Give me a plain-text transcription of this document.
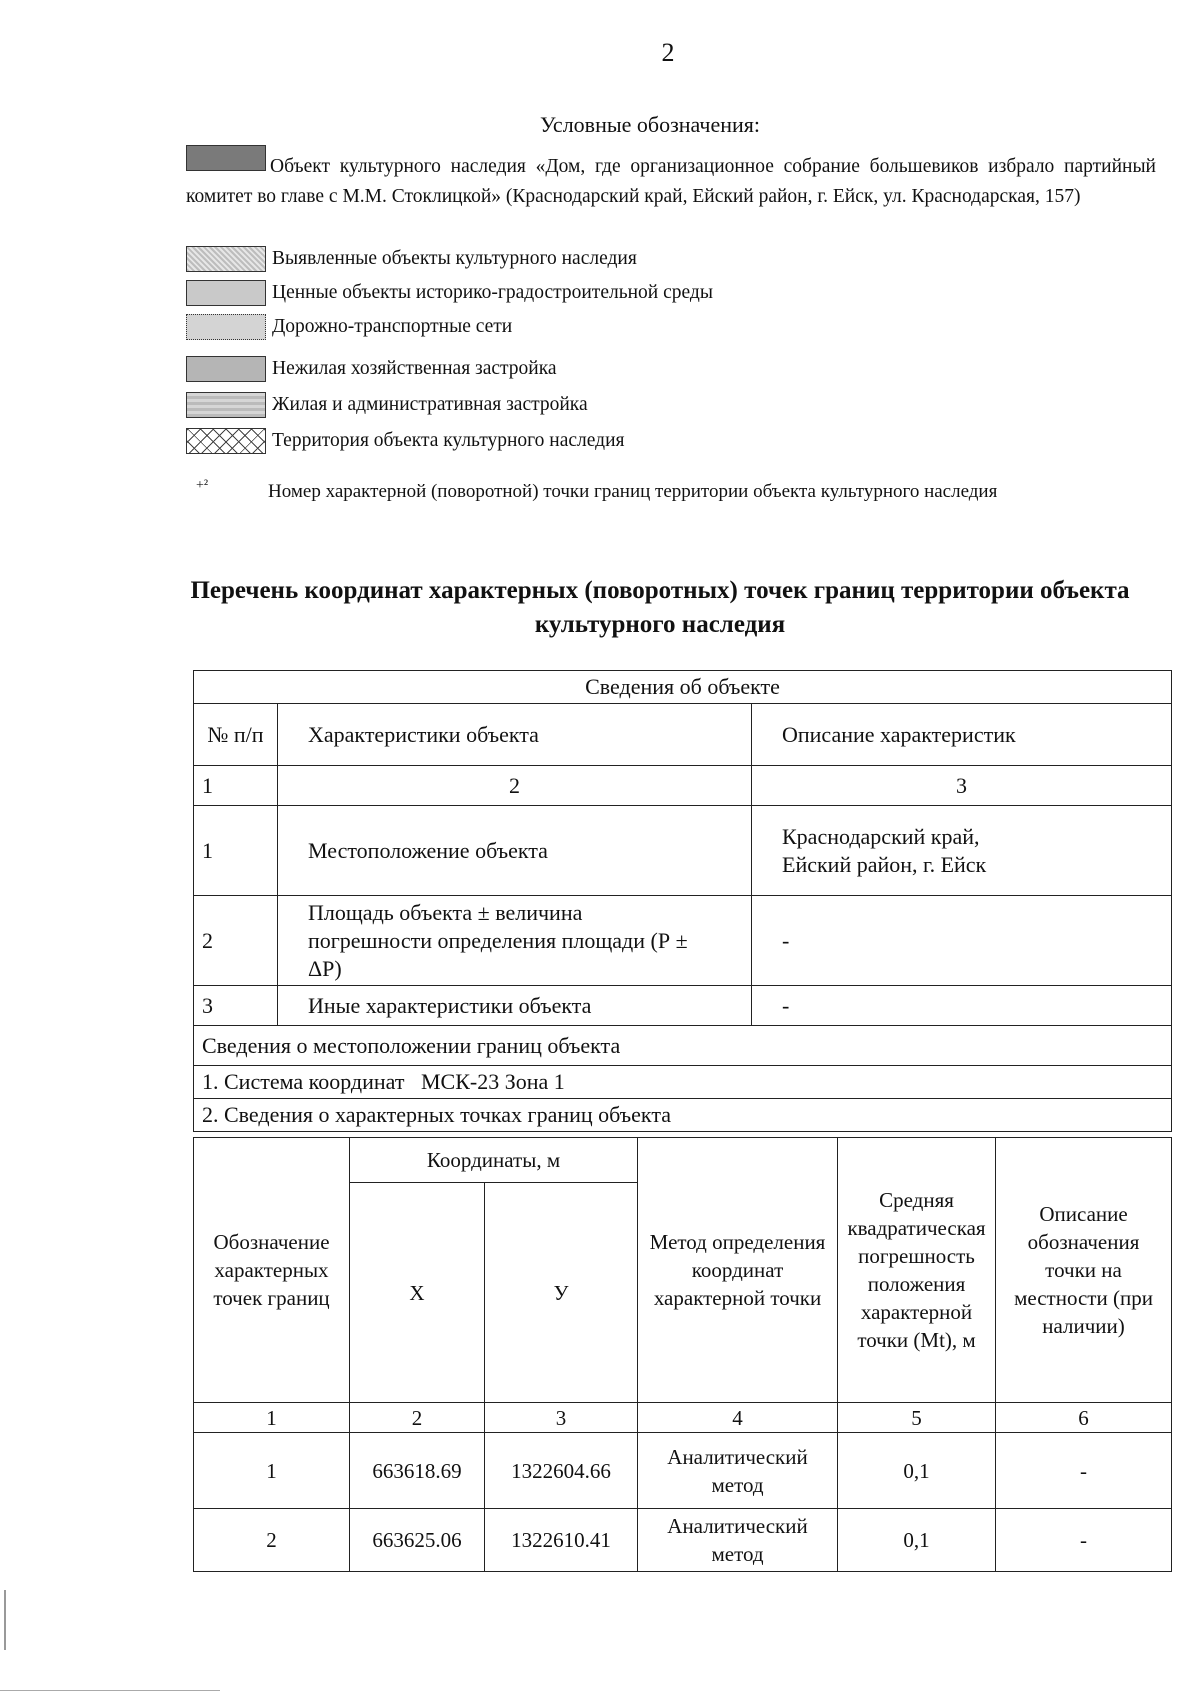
2
Условные обозначения:
Объект культурного наследия «Дом, где организационное собрание большевиков избрало партийный комитет во главе с М.М. Стоклицкой» (Краснодарский край, Ейский район, г. Ейск, ул. Краснодарская, 157)
Выявленные объекты культурного наследия
Ценные объекты историко-градостроительной среды
Дорожно-транспортные сети
Нежилая хозяйственная застройка
Жилая и административная застройка
Территория объекта культурного наследия
+²	Номер характерной (поворотной) точки границ территории объекта культурного наследия
Перечень координат характерных (поворотных) точек границ территории объекта культурного наследия
Сведения об объекте		
№ п/п	Характеристики объекта	Описание характеристик
1	2	3
1	Местоположение объекта	Краснодарский край, Ейский район, г. Ейск
2	Площадь объекта ± величина погрешности определения площади (Р ± ΔР)	-
3	Иные характеристики объекта	-
Сведения о местоположении границ объекта		
1. Система координат   МСК-23 Зона 1		
2. Сведения о характерных точках границ объекта		
Обозначение характерных точек границ	Координаты, м		Метод определения координат характерной точки	Средняя квадратическая погрешность положения характерной точки (Mt), м	Описание обозначения точки на местности (при наличии)
	Х	У			
1	2	3	4	5	6
1	663618.69	1322604.66	Аналитический метод	0,1	-
2	663625.06	1322610.41	Аналитический метод	0,1	-
